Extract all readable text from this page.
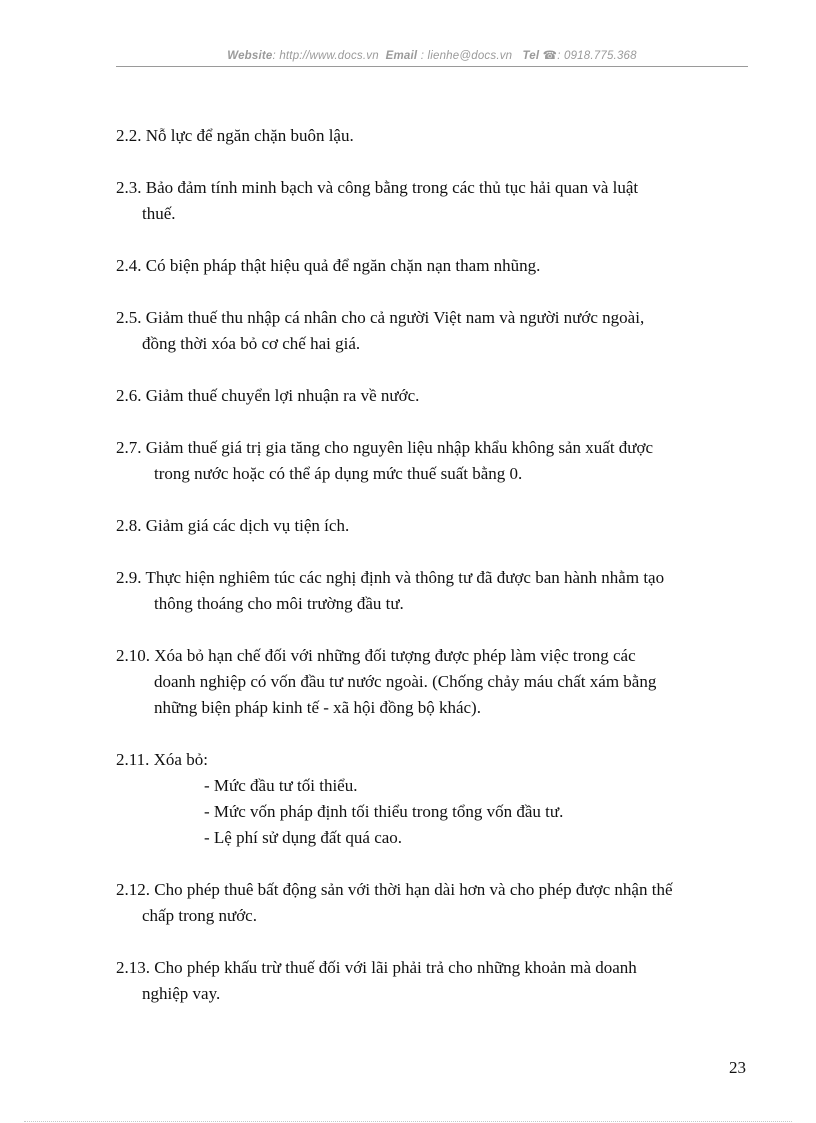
Website: http://www.docs.vn Email : lienhe@docs.vn Tel ☎: 0918.775.368
2.2. Nỗ lực để ngăn chặn buôn lậu.
2.3. Bảo đảm tính minh bạch và công bằng trong các thủ tục hải quan và luật
thuế.
2.4. Có biện pháp thật hiệu quả để ngăn chặn nạn tham nhũng.
2.5. Giảm thuế thu nhập cá nhân cho cả người Việt nam và người nước ngoài,
đồng thời xóa bỏ cơ chế hai giá.
2.6. Giảm thuế chuyển lợi nhuận ra về nước.
2.7. Giảm thuế giá trị gia tăng cho nguyên liệu nhập khẩu không sản xuất được
trong nước hoặc có thể áp dụng mức thuế suất bằng 0.
2.8. Giảm giá các dịch vụ tiện ích.
2.9. Thực hiện nghiêm túc các nghị định và thông tư đã được ban hành nhằm tạo
thông thoáng cho môi trường đầu tư.
2.10. Xóa bỏ hạn chế đối với những đối tượng được phép làm việc trong các
doanh nghiệp có vốn đầu tư nước ngoài. (Chống chảy máu chất xám bằng
những biện pháp kinh tế - xã hội đồng bộ khác).
2.11. Xóa bỏ:
- Mức đầu tư tối thiểu.
- Mức vốn pháp định tối thiểu trong tổng vốn đầu tư.
- Lệ phí sử dụng đất quá cao.
2.12. Cho phép thuê bất động sản với thời hạn dài hơn và cho phép được nhận thế
chấp trong nước.
2.13. Cho phép khấu trừ thuế đối với lãi phải trả cho những khoản mà doanh
nghiệp vay.
23
